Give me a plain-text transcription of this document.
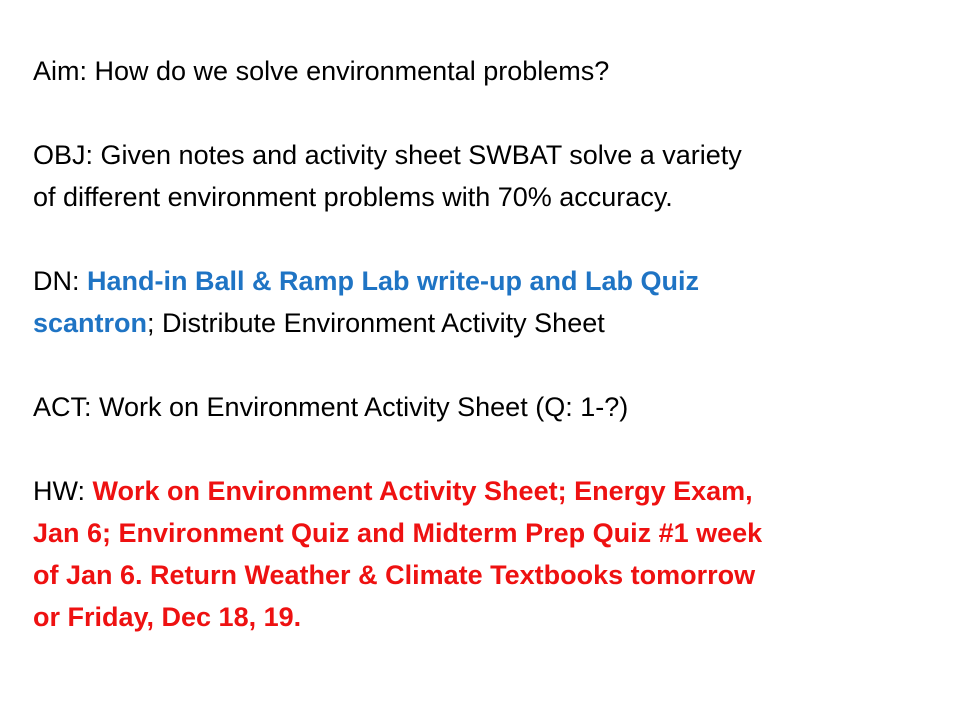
Aim: How do we solve environmental problems?

OBJ: Given notes and activity sheet SWBAT solve a variety
of different environment problems with 70% accuracy.
DN: Hand-in Ball & Ramp Lab write-up and Lab Quiz
scantron; Distribute Environment Activity Sheet

ACT: Work on Environment Activity Sheet (Q: 1-?)

HW: Work on Environment Activity Sheet; Energy Exam,
Jan 6; Environment Quiz and Midterm Prep Quiz #1 week
of Jan 6. Return Weather & Climate Textbooks tomorrow
or Friday, Dec 18, 19.
